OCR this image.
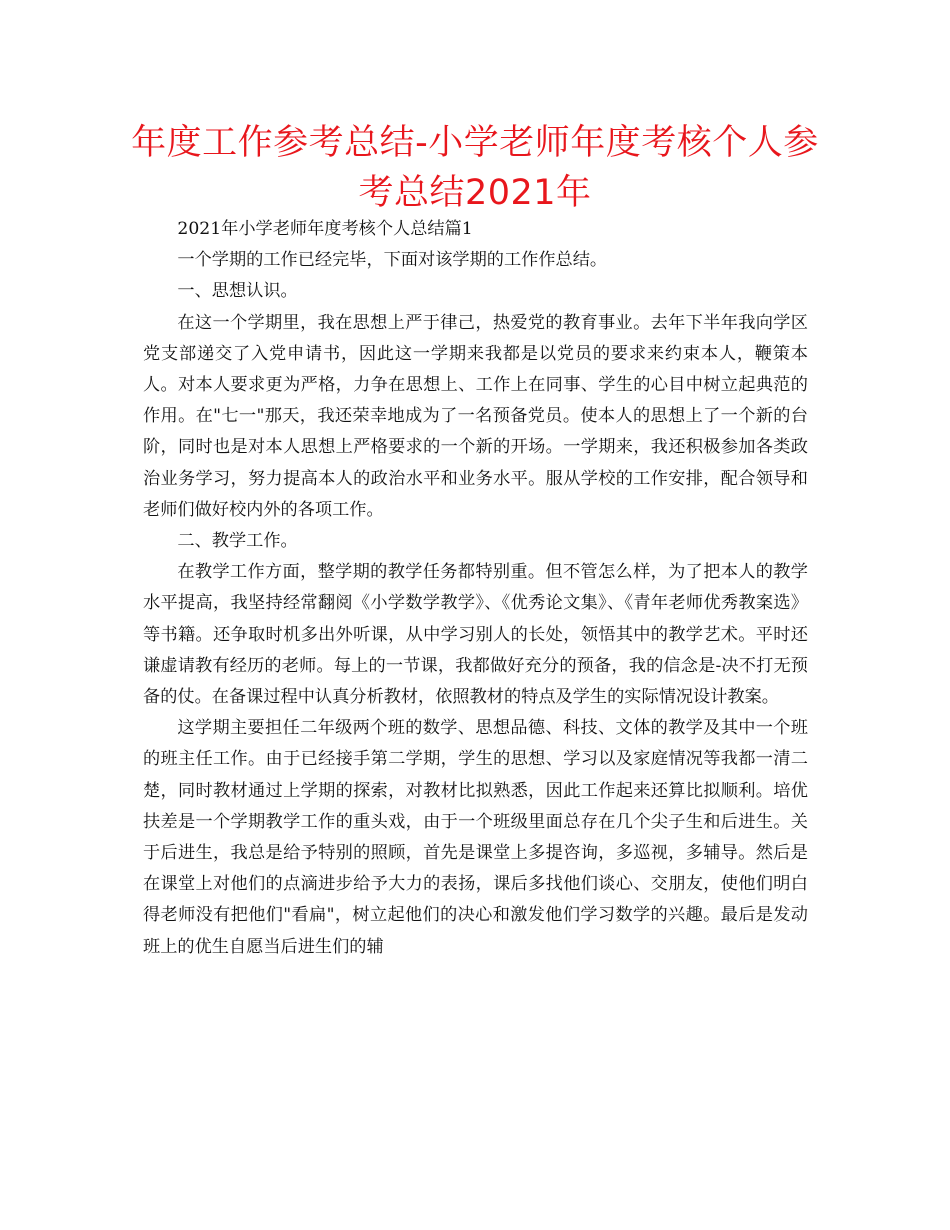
年度工作参考总结-小学老师年度考核个人参考总结2021年

2021年小学老师年度考核个人总结篇1

一个学期的工作已经完毕，下面对该学期的工作作总结。

一、思想认识。

在这一个学期里，我在思想上严于律己，热爱党的教育事业。去年下半年我向学区党支部递交了入党申请书，因此这一学期来我都是以党员的要求来约束本人，鞭策本人。对本人要求更为严格，力争在思想上、工作上在同事、学生的心目中树立起典范的作用。在"七一"那天，我还荣幸地成为了一名预备党员。使本人的思想上了一个新的台阶，同时也是对本人思想上严格要求的一个新的开场。一学期来，我还积极参加各类政治业务学习，努力提高本人的政治水平和业务水平。服从学校的工作安排，配合领导和老师们做好校内外的各项工作。

二、教学工作。

在教学工作方面，整学期的教学任务都特别重。但不管怎么样，为了把本人的教学水平提高，我坚持经常翻阅《小学数学教学》、《优秀论文集》、《青年老师优秀教案选》等书籍。还争取时机多出外听课，从中学习别人的长处，领悟其中的教学艺术。平时还谦虚请教有经历的老师。每上的一节课，我都做好充分的预备，我的信念是-决不打无预备的仗。在备课过程中认真分析教材，依照教材的特点及学生的实际情况设计教案。

这学期主要担任二年级两个班的数学、思想品德、科技、文体的教学及其中一个班的班主任工作。由于已经接手第二学期，学生的思想、学习以及家庭情况等我都一清二楚，同时教材通过上学期的探索，对教材比拟熟悉，因此工作起来还算比拟顺利。培优扶差是一个学期教学工作的重头戏，由于一个班级里面总存在几个尖子生和后进生。关于后进生，我总是给予特别的照顾，首先是课堂上多提咨询，多巡视，多辅导。然后是在课堂上对他们的点滴进步给予大力的表扬，课后多找他们谈心、交朋友，使他们明白得老师没有把他们"看扁"，树立起他们的决心和激发他们学习数学的兴趣。最后是发动班上的优生自愿当后进生们的辅
